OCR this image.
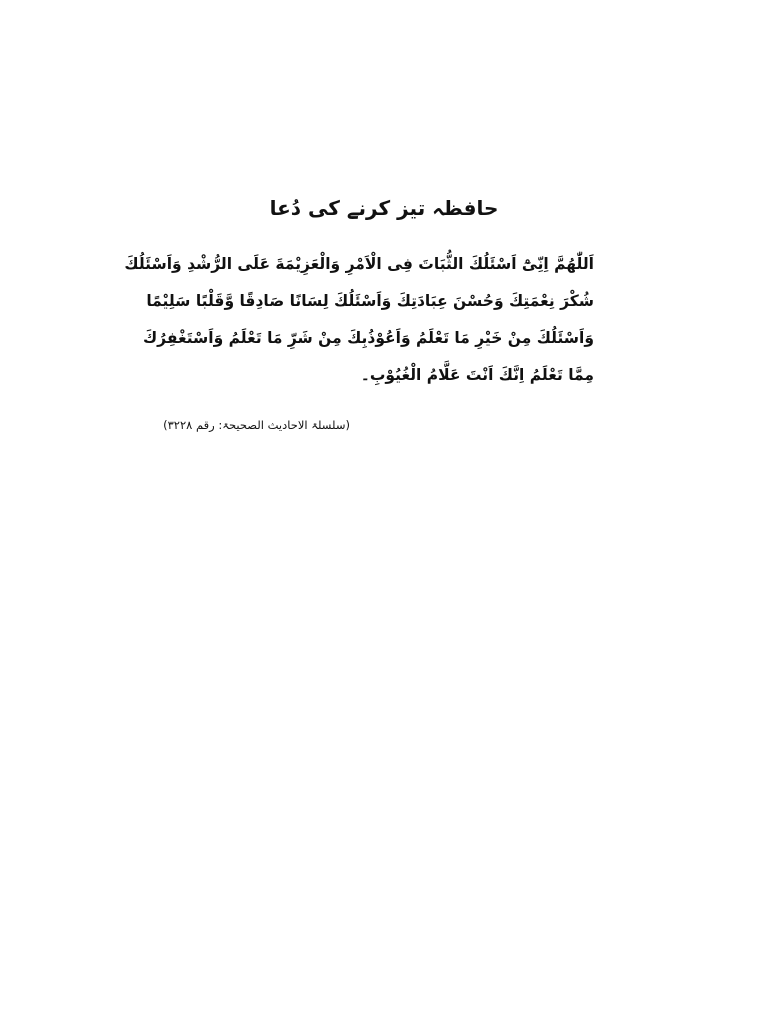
حافظہ تیز کرنے کی دُعا
اَللّٰهُمَّ اِنِّیْٓ اَسْئَلُكَ الثُّبَاتَ فِی الْاَمْرِ وَالْعَزِيْمَةَ عَلَى الرُّشْدِ وَاَسْئَلُكَ
شُكْرَ نِعْمَتِكَ وَحُسْنَ عِبَادَتِكَ وَاَسْئَلُكَ لِسَانًا صَادِقًا وَّقَلْبًا سَلِيْمًا
وَاَسْئَلُكَ مِنْ خَيْرِ مَا تَعْلَمُ وَاَعُوْذُبِكَ مِنْ شَرِّ مَا تَعْلَمُ وَاَسْتَغْفِرُكَ
مِمَّا تَعْلَمُ اِنَّكَ اَنْتَ عَلَّامُ الْغُيُوْبِ۔
(سلسلۃ الاحادیث الصحیحۃ: رقم ۳۲۲۸)
